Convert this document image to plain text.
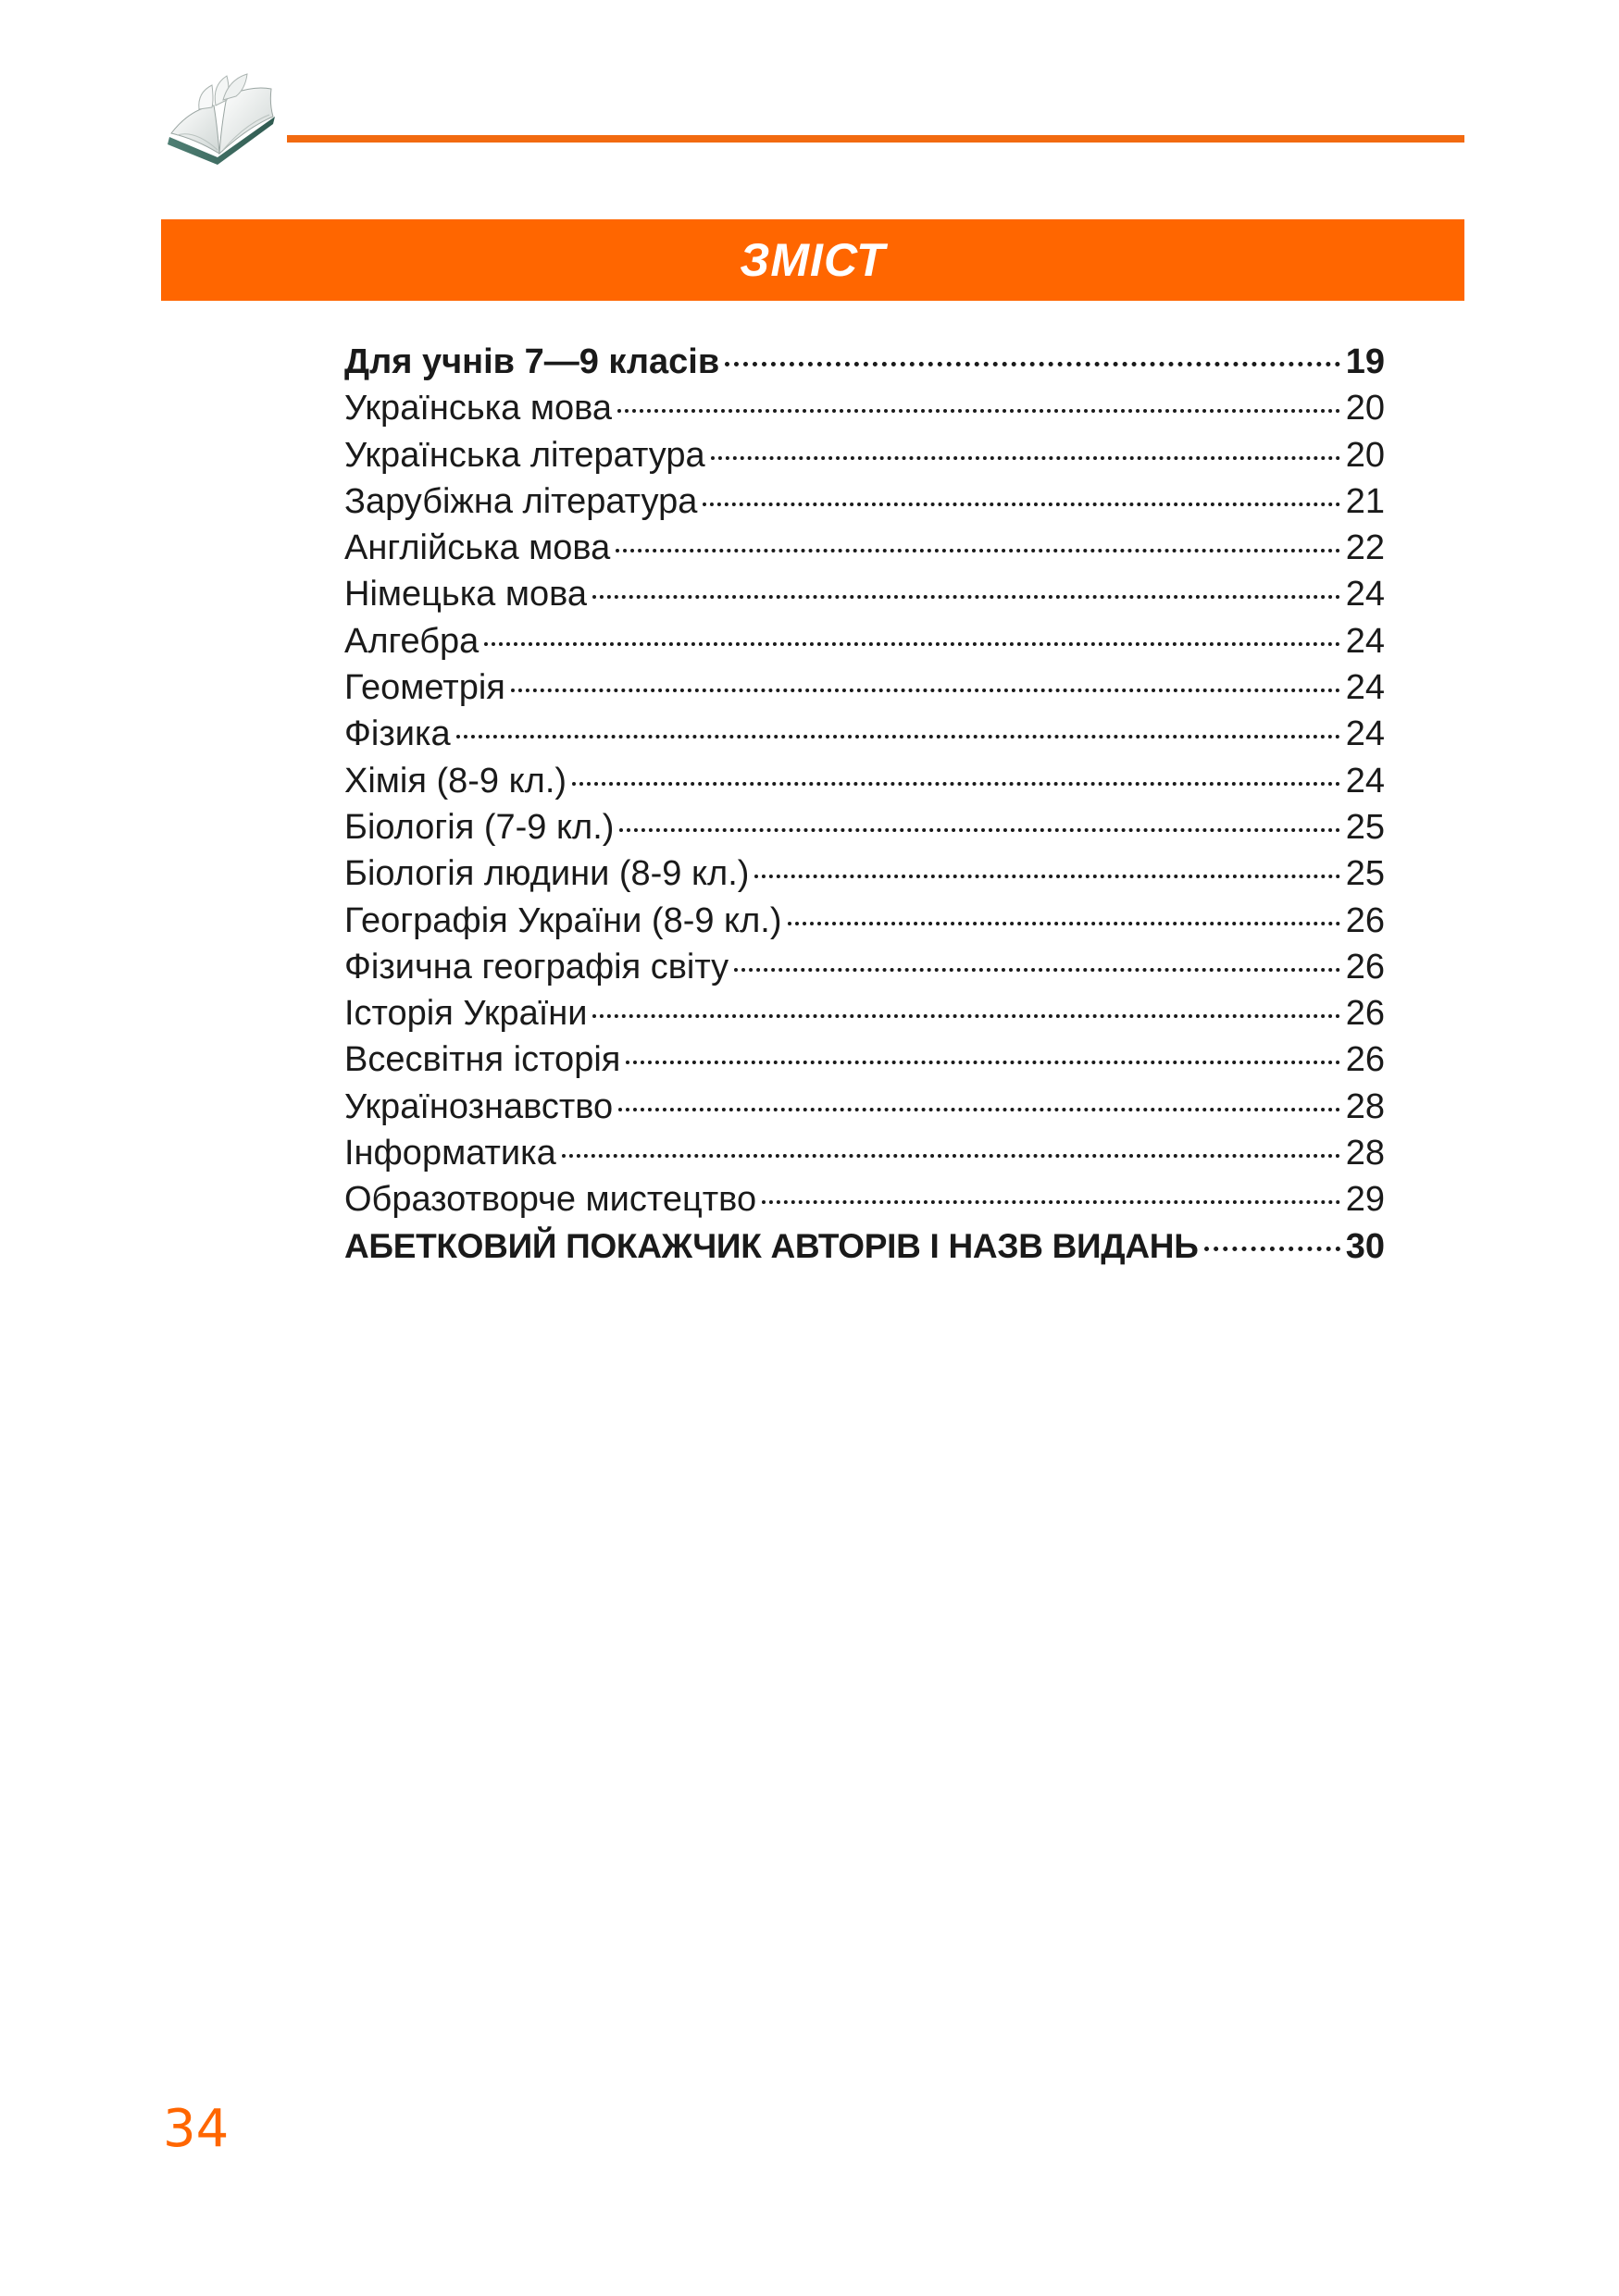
ЗМІСТ
Для учнів 7—9 класів	19
Українська мова	20
Українська література	20
Зарубіжна література	21
Англійська мова	22
Німецька мова	24
Алгебра	24
Геометрія	24
Фізика	24
Хімія (8-9 кл.)	24
Біологія (7-9 кл.)	25
Біологія людини (8-9 кл.)	25
Географія України (8-9 кл.)	26
Фізична географія світу	26
Історія України	26
Всесвітня історія	26
Українознавство	28
Інформатика	28
Образотворче мистецтво	29
АБЕТКОВИЙ ПОКАЖЧИК АВТОРІВ І НАЗВ ВИДАНЬ	30
34
